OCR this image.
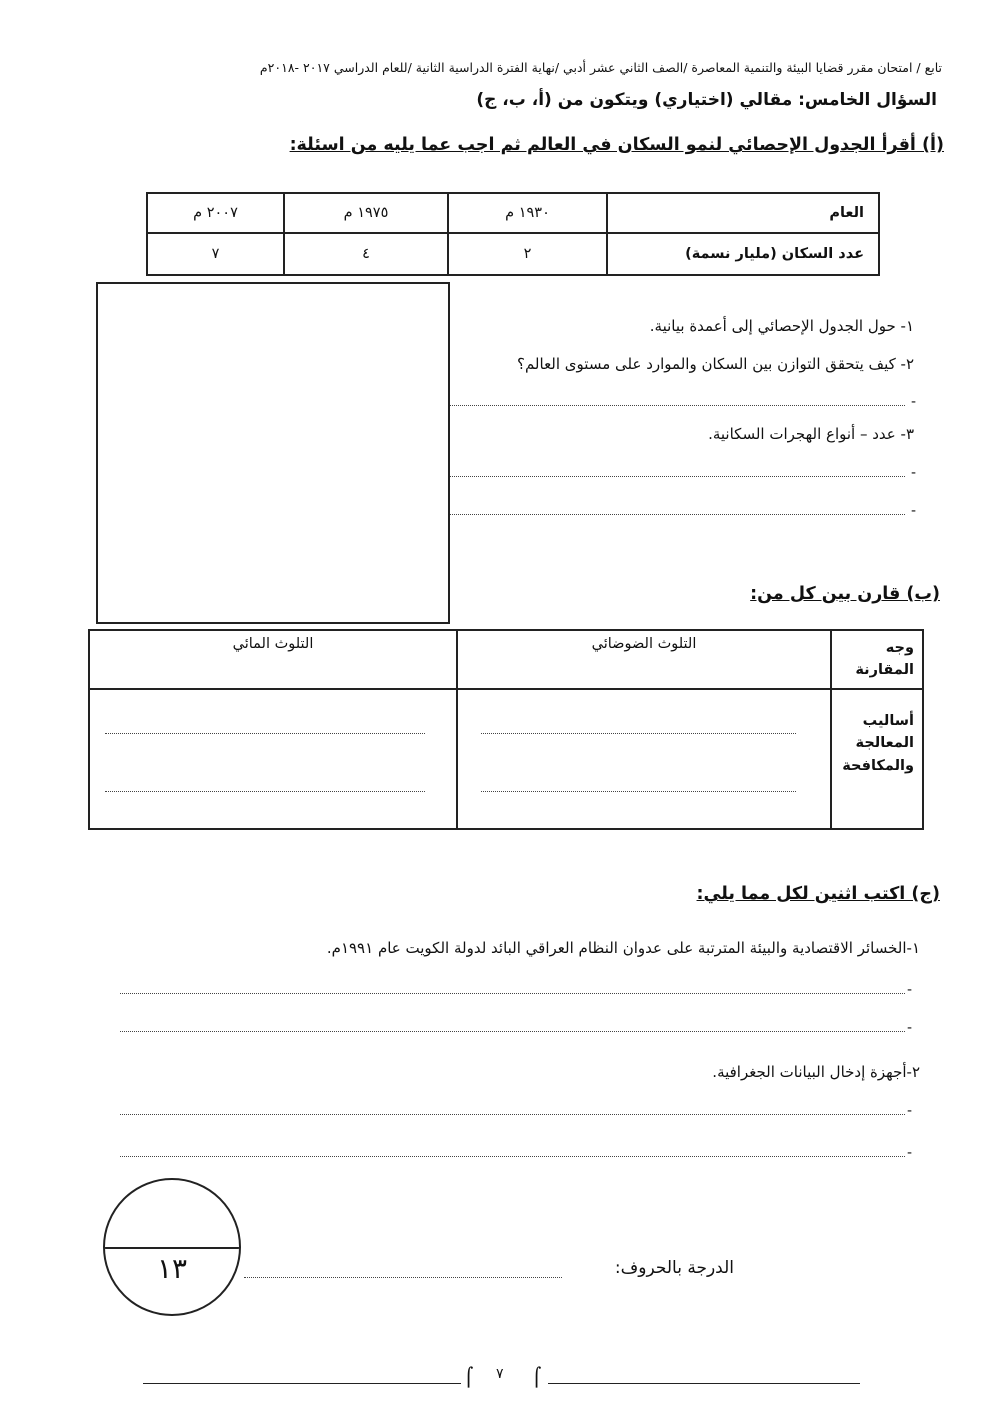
تابع / امتحان مقرر قضايا البيئة والتنمية المعاصرة /الصف الثاني عشر أدبي /نهاية الفترة الدراسية الثانية /للعام الدراسي ٢٠١٧ -٢٠١٨م
السؤال الخامس: مقالي (اختياري) ويتكون من (أ، ب، ج)
(أ) أقرأ الجدول الإحصائي لنمو السكان في العالم ثم اجب عما يليه من اسئلة:
العام	١٩٣٠ م	١٩٧٥ م	٢٠٠٧ م
عدد السكان (مليار نسمة)	٢	٤	٧
١- حول الجدول الإحصائي إلى أعمدة بيانية.
٢- كيف يتحقق التوازن بين السكان والموارد على مستوى العالم؟
-
٣- عدد – أنواع الهجرات السكانية.
-
-
(ب) قارن بين كل من:
وجه المقارنة	التلوث الضوضائي	التلوث المائي
أساليب المعالجة والمكافحة	

(ج) اكتب اثنين لكل مما يلي:
١-الخسائر الاقتصادية والبيئة المترتبة على عدوان النظام العراقي البائد لدولة الكويت عام ١٩٩١م.
-
-
٢-أجهزة إدخال البيانات الجغرافية.
-
-
١٣	الدرجة بالحروف:
⌠ ٧ ⌠
